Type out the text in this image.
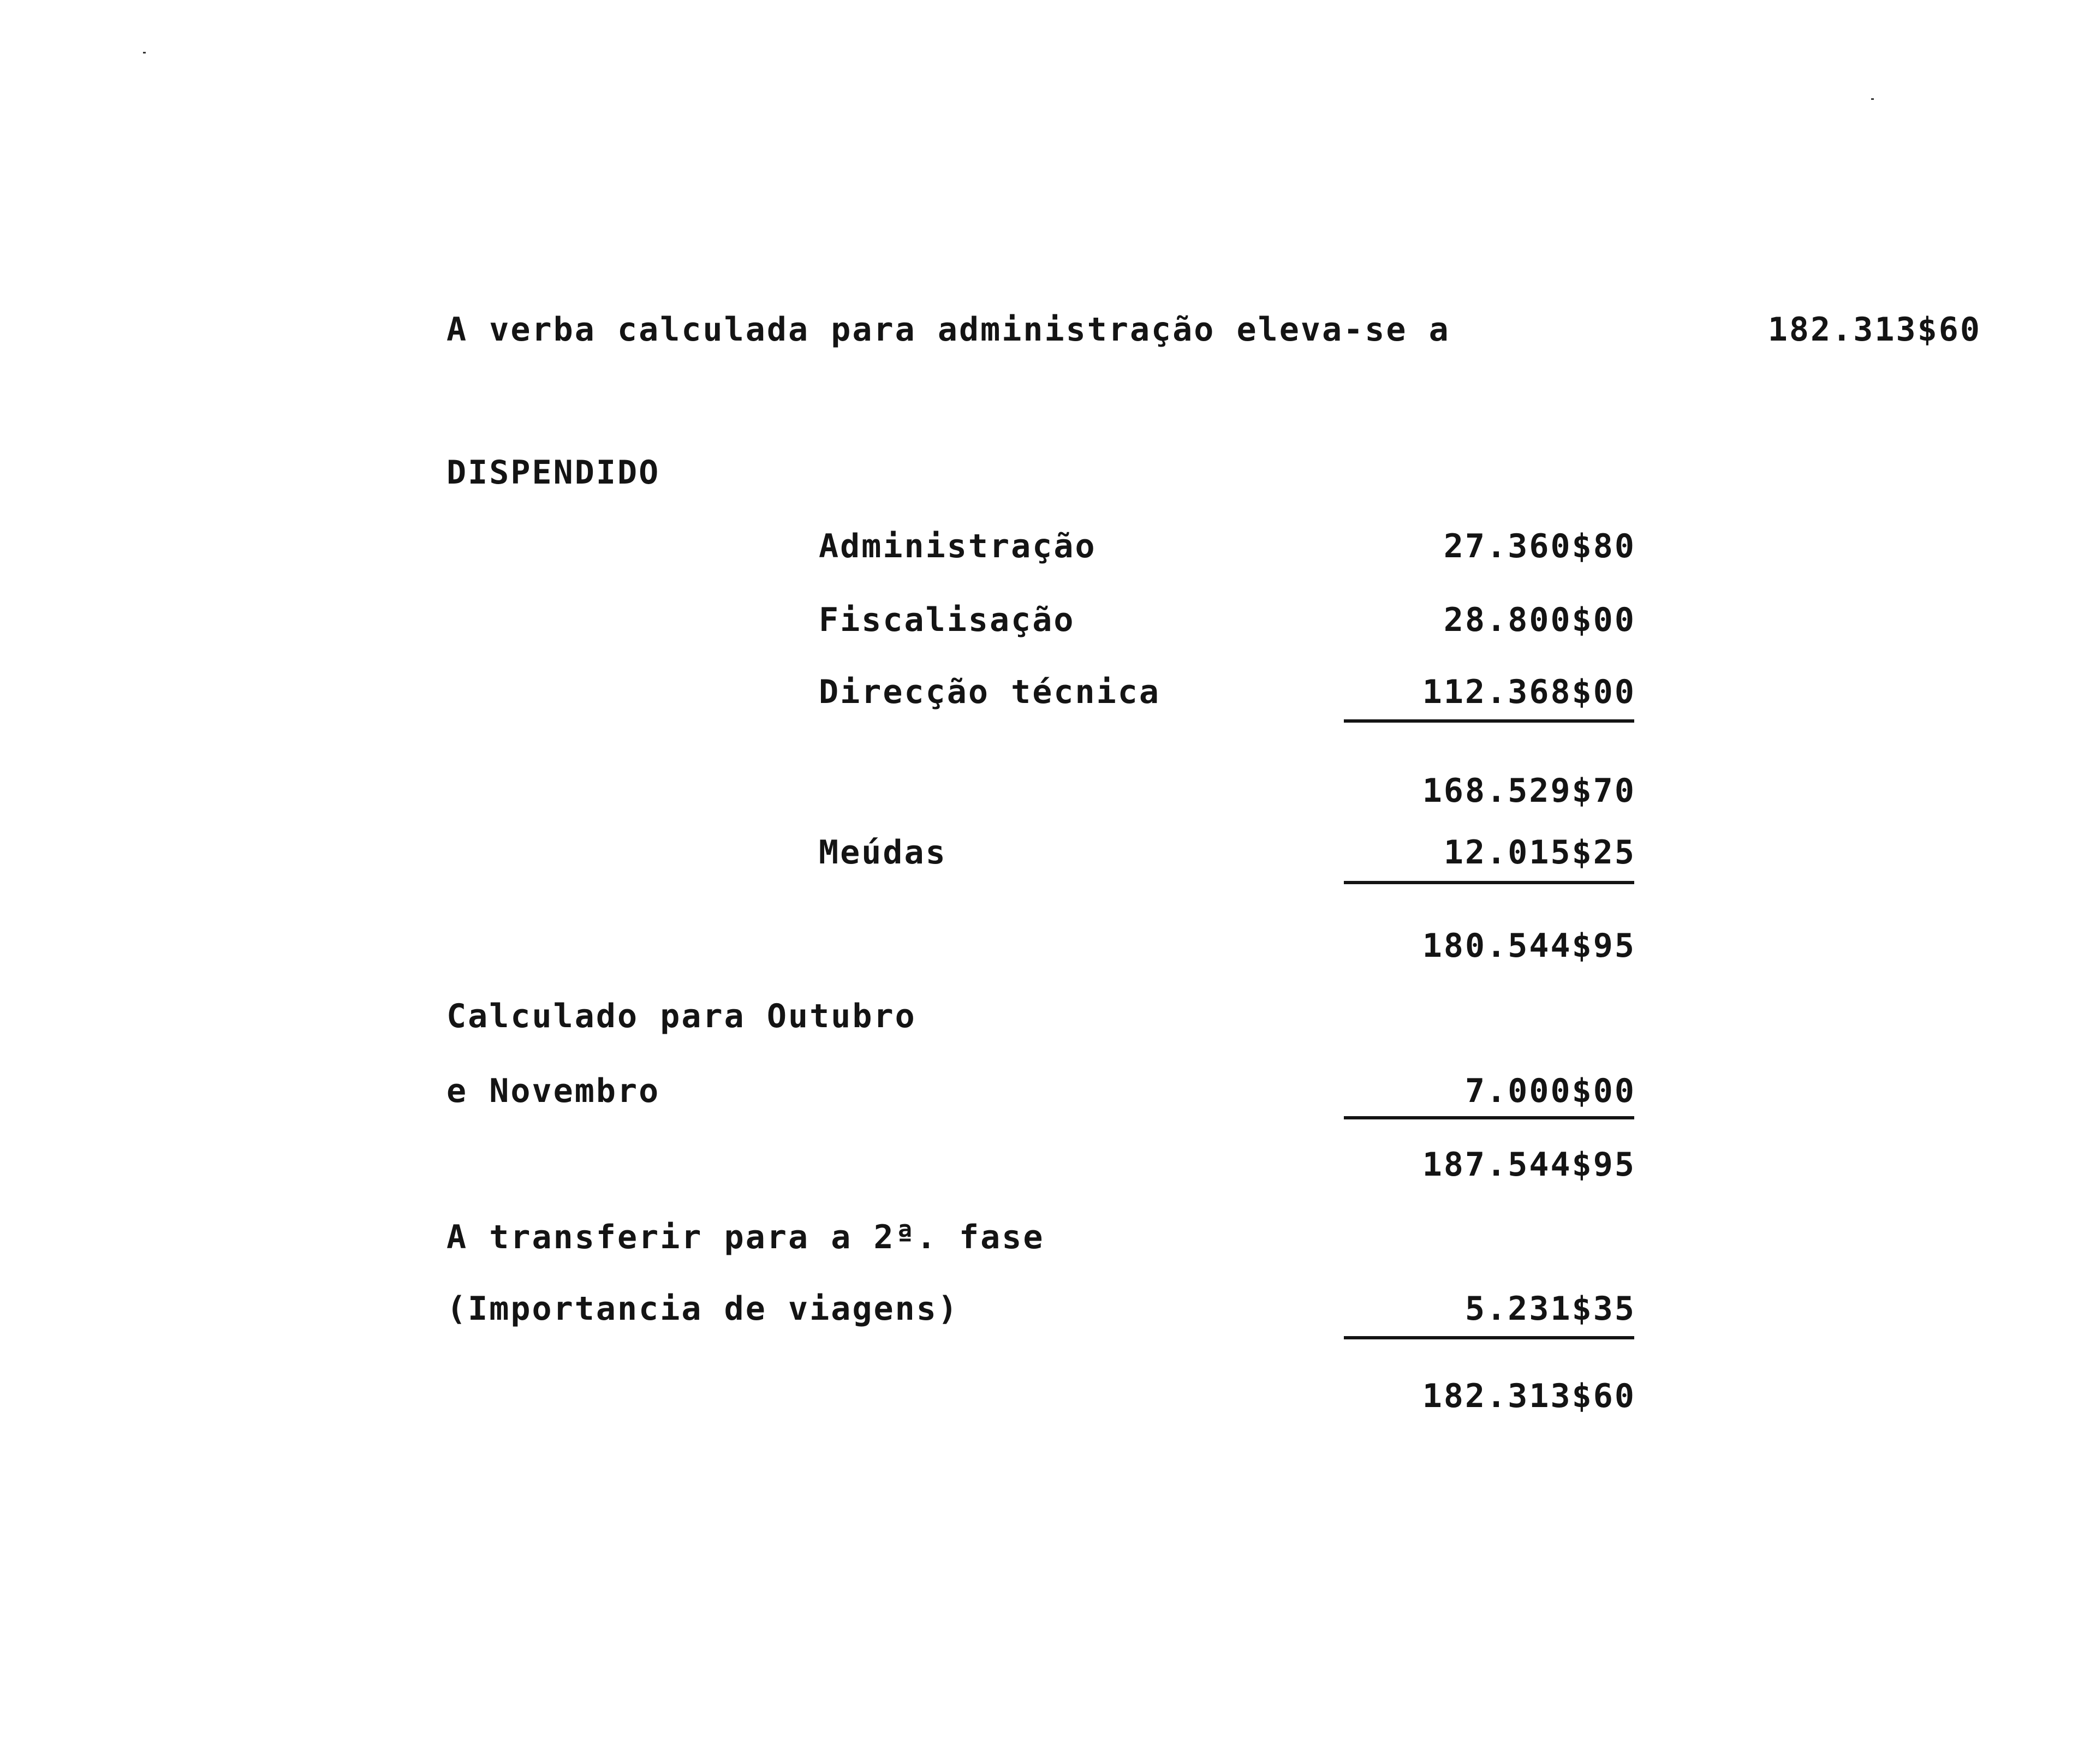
A verba calculada para administração eleva-se a	182.313$60
DISPENDIDO
Administração	27.360$80
Fiscalisação	28.800$00
Direcção técnica	112.368$00
168.529$70
Meúdas	12.015$25
180.544$95
Calculado para Outubro
e Novembro	7.000$00
187.544$95
A transferir para a 2ª. fase
(Importancia de viagens)	5.231$35
182.313$60
